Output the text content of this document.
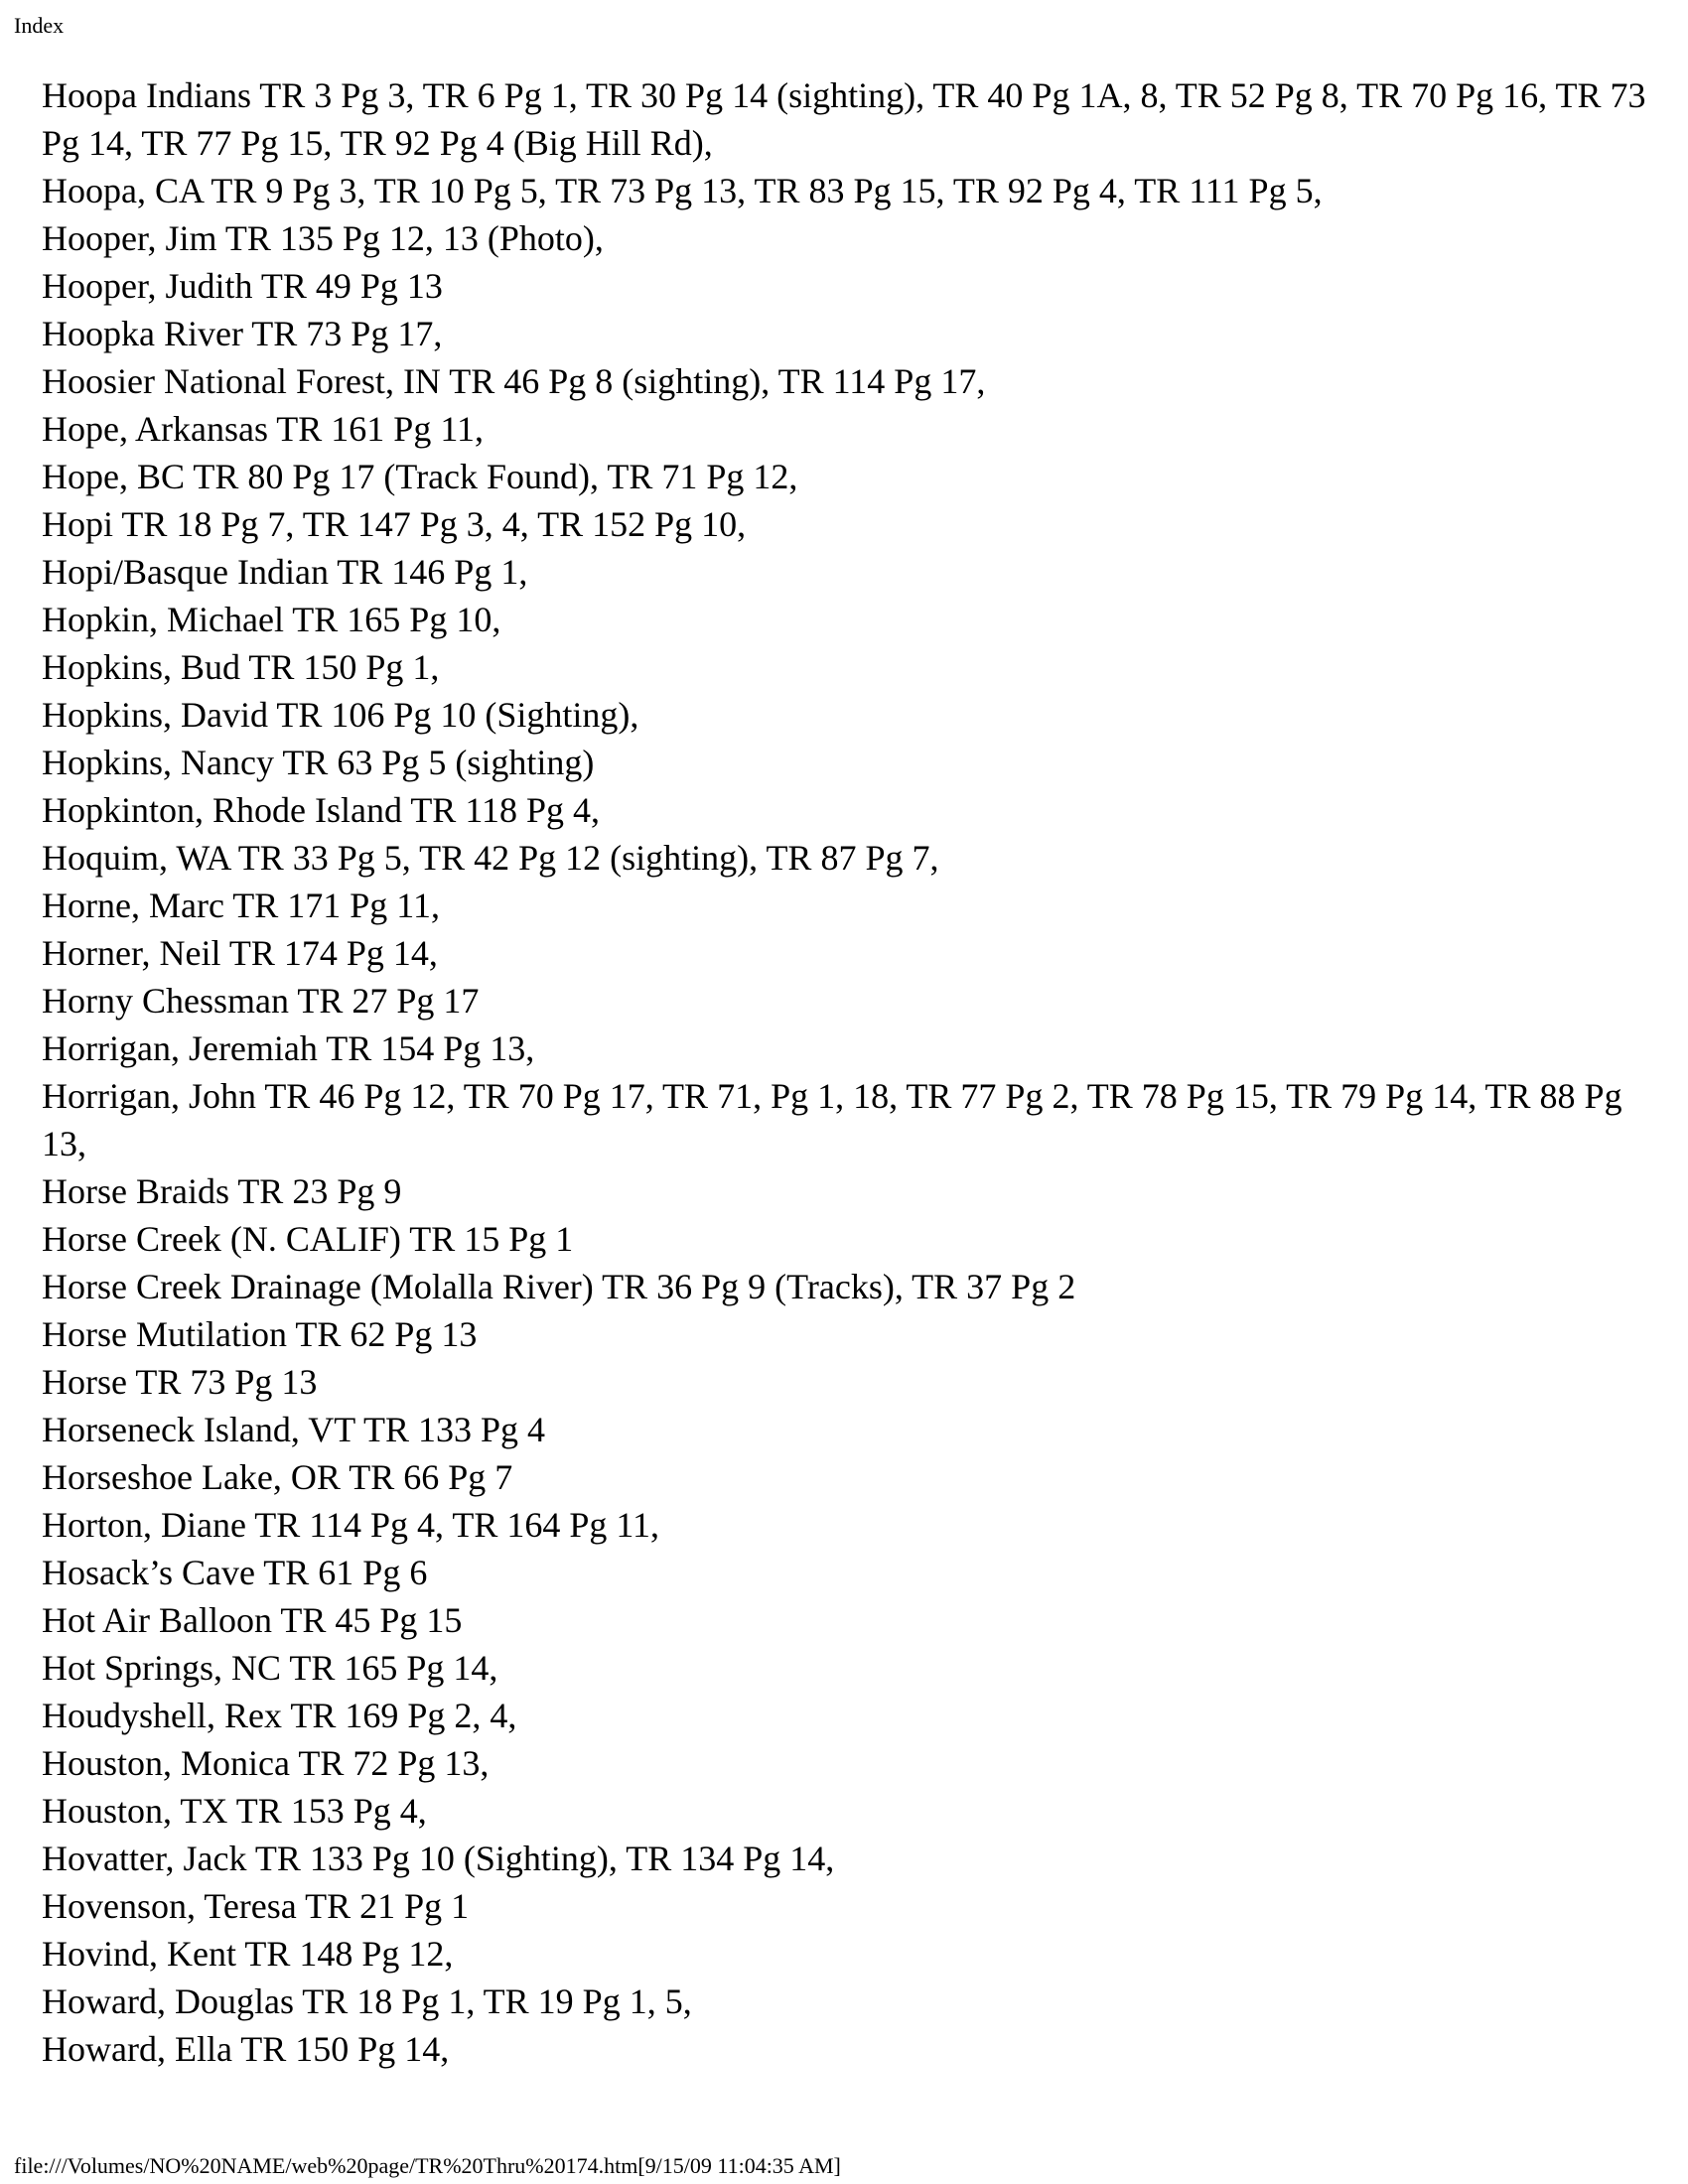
Index
Hoopa Indians TR 3 Pg 3, TR 6 Pg 1, TR 30 Pg 14 (sighting), TR 40 Pg 1A, 8, TR 52 Pg 8, TR 70 Pg 16, TR 73 Pg 14, TR 77 Pg 15, TR 92 Pg 4 (Big Hill Rd),
Hoopa, CA TR 9 Pg 3, TR 10 Pg 5, TR 73 Pg 13, TR 83 Pg 15, TR 92 Pg 4, TR 111 Pg 5,
Hooper, Jim TR 135 Pg 12, 13 (Photo),
Hooper, Judith TR 49 Pg 13
Hoopka River TR 73 Pg 17,
Hoosier National Forest, IN TR 46 Pg 8 (sighting), TR 114 Pg 17,
Hope, Arkansas TR 161 Pg 11,
Hope, BC TR 80 Pg 17 (Track Found), TR 71 Pg 12,
Hopi TR 18 Pg 7, TR 147 Pg 3, 4, TR 152 Pg 10,
Hopi/Basque Indian TR 146 Pg 1,
Hopkin, Michael TR 165 Pg 10,
Hopkins, Bud TR 150 Pg 1,
Hopkins, David TR 106 Pg 10 (Sighting),
Hopkins, Nancy TR 63 Pg 5 (sighting)
Hopkinton, Rhode Island TR 118 Pg 4,
Hoquim, WA TR 33 Pg 5, TR 42 Pg 12 (sighting), TR 87 Pg 7,
Horne, Marc TR 171 Pg 11,
Horner, Neil TR 174 Pg 14,
Horny Chessman TR 27 Pg 17
Horrigan, Jeremiah TR 154 Pg 13,
Horrigan, John TR 46 Pg 12, TR 70 Pg 17, TR 71, Pg 1, 18, TR 77 Pg 2, TR 78 Pg 15, TR 79 Pg 14, TR 88 Pg 13,
Horse Braids TR 23 Pg 9
Horse Creek (N. CALIF) TR 15 Pg 1
Horse Creek Drainage (Molalla River) TR 36 Pg 9 (Tracks), TR 37 Pg 2
Horse Mutilation TR 62 Pg 13
Horse TR 73 Pg 13
Horseneck Island, VT TR 133 Pg 4
Horseshoe Lake, OR TR 66 Pg 7
Horton, Diane TR 114 Pg 4, TR 164 Pg 11,
Hosack’s Cave TR 61 Pg 6
Hot Air Balloon TR 45 Pg 15
Hot Springs, NC TR 165 Pg 14,
Houdyshell, Rex TR 169 Pg 2, 4,
Houston, Monica TR 72 Pg 13,
Houston, TX TR 153 Pg 4,
Hovatter, Jack TR 133 Pg 10 (Sighting), TR 134 Pg 14,
Hovenson, Teresa TR 21 Pg 1
Hovind, Kent TR 148 Pg 12,
Howard, Douglas TR 18 Pg 1, TR 19 Pg 1, 5,
Howard, Ella TR 150 Pg 14,
file:///Volumes/NO%20NAME/web%20page/TR%20Thru%20174.htm[9/15/09 11:04:35 AM]
